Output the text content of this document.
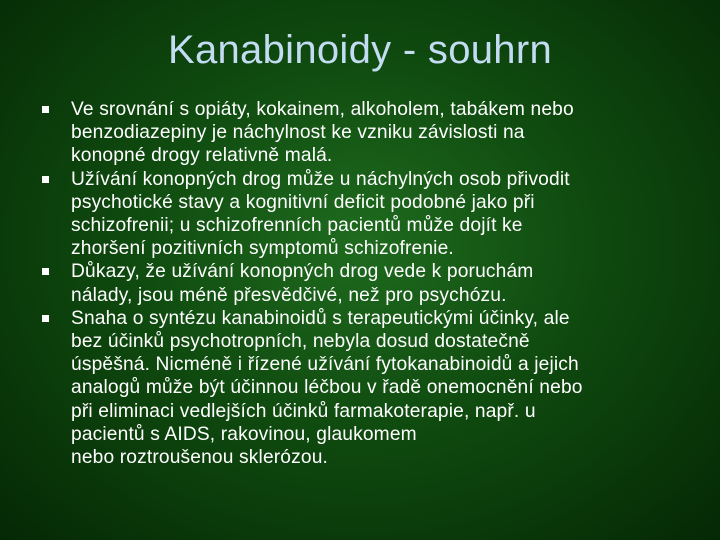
Kanabinoidy - souhrn
Ve srovnání s opiáty, kokainem, alkoholem, tabákem nebo
benzodiazepiny je náchylnost ke vzniku závislosti na
konopné drogy relativně malá.
Užívání konopných drog může u náchylných osob přivodit
psychotické stavy a kognitivní deficit podobné jako při
schizofrenii; u schizofrenních pacientů může dojít ke
zhoršení pozitivních symptomů schizofrenie.
Důkazy, že užívání konopných drog vede k poruchám
nálady, jsou méně přesvědčivé, než pro psychózu.
Snaha o syntézu kanabinoidů s terapeutickými účinky, ale
bez účinků psychotropních, nebyla dosud dostatečně
úspěšná. Nicméně i řízené užívání fytokanabinoidů a jejich
analogů může být účinnou léčbou v řadě onemocnění nebo
při eliminaci vedlejších účinků farmakoterapie, např. u
pacientů s AIDS, rakovinou, glaukomem
nebo roztroušenou sklerózou.
